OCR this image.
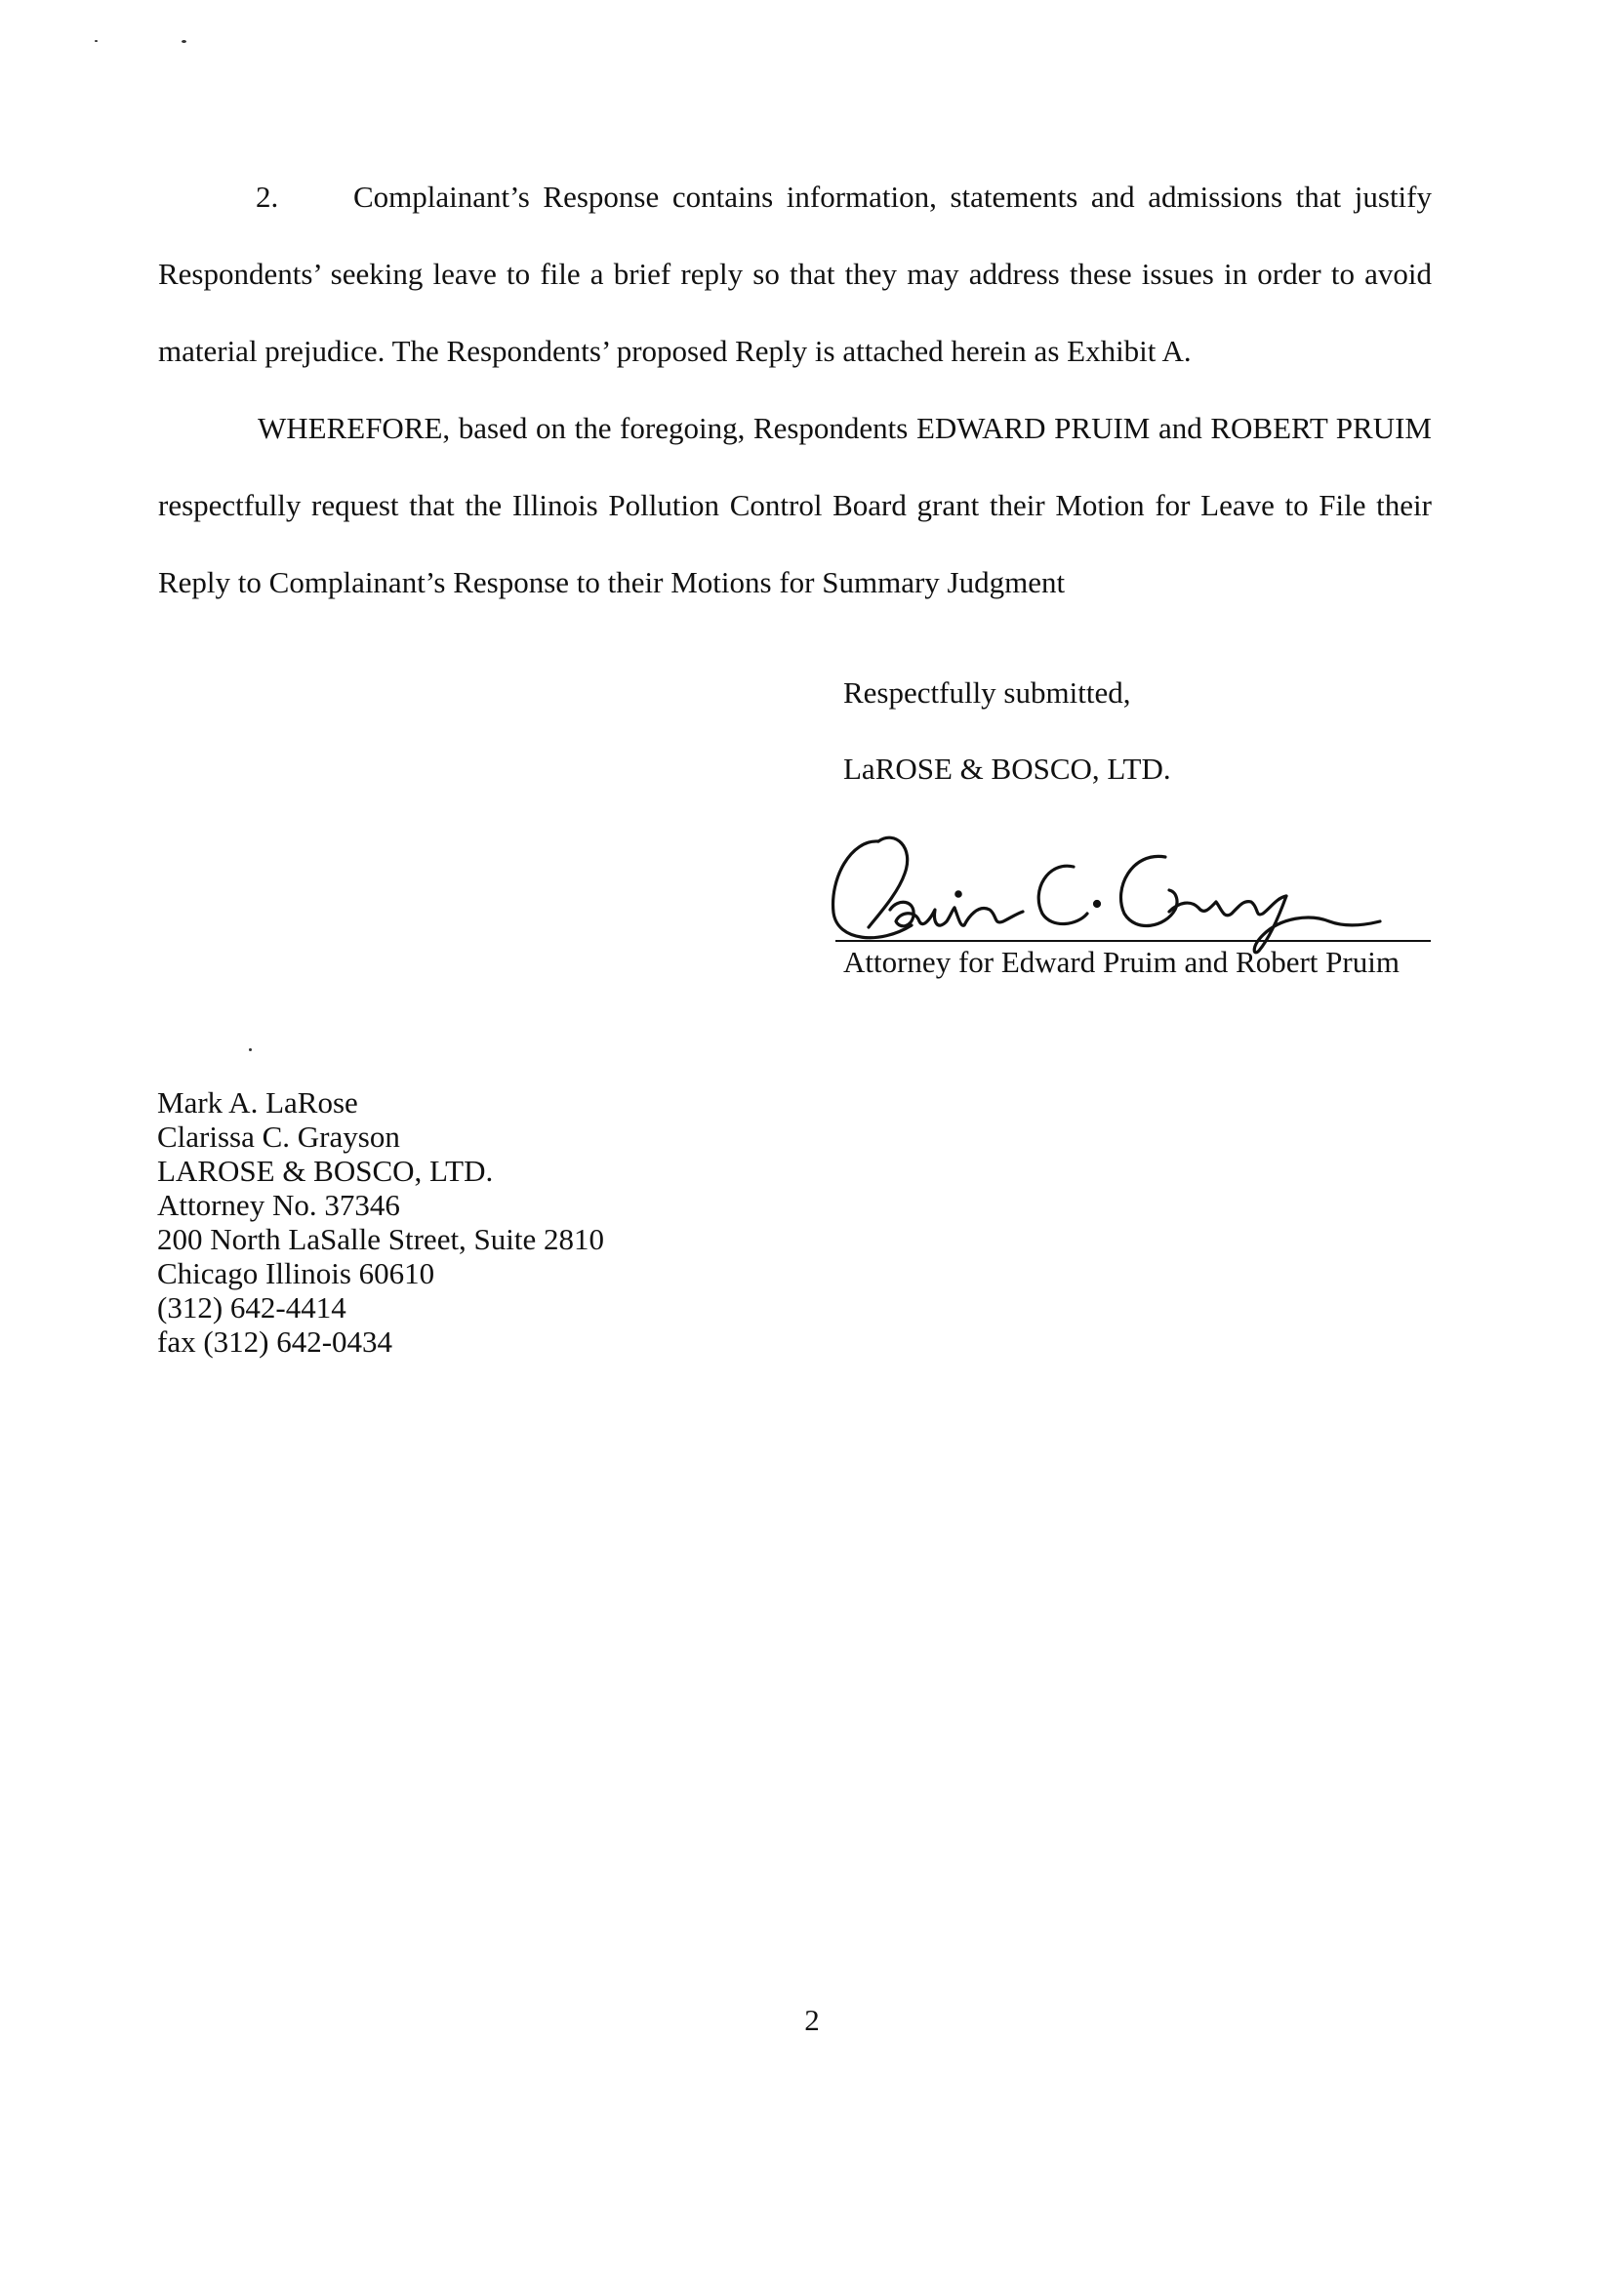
2. Complainant’s Response contains information, statements and admissions that justify Respondents’ seeking leave to file a brief reply so that they may address these issues in order to avoid material prejudice. The Respondents’ proposed Reply is attached herein as Exhibit A.

WHEREFORE, based on the foregoing, Respondents EDWARD PRUIM and ROBERT PRUIM respectfully request that the Illinois Pollution Control Board grant their Motion for Leave to File their Reply to Complainant’s Response to their Motions for Summary Judgment

Respectfully submitted,
LaROSE & BOSCO, LTD.
Attorney for Edward Pruim and Robert Pruim
Mark A. LaRose
Clarissa C. Grayson
LAROSE & BOSCO, LTD.
Attorney No. 37346
200 North LaSalle Street, Suite 2810
Chicago Illinois 60610
(312) 642-4414
fax (312) 642-0434
2
